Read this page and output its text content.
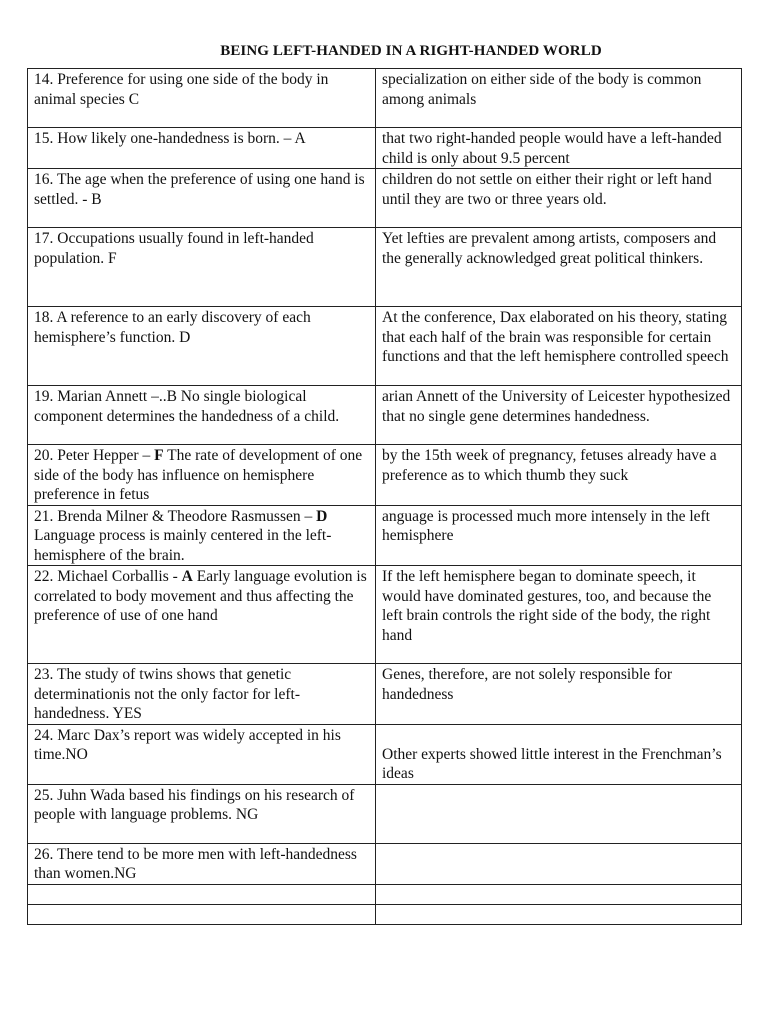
BEING LEFT-HANDED IN A RIGHT-HANDED WORLD
14. Preference for using one side of the body in animal species C	specialization on either side of the body is common among animals
15. How likely one-handedness is born. – A	that two right-handed people would have a left-handed child is only about 9.5 percent
16. The age when the preference of using one hand is settled. - B	children do not settle on either their right or left hand until they are two or three years old.
17. Occupations usually found in left-handed population. F	Yet lefties are prevalent among artists, composers and the generally acknowledged great political thinkers.
18. A reference to an early discovery of each hemisphere’s function. D	At the conference, Dax elaborated on his theory, stating that each half of the brain was responsible for certain functions and that the left hemisphere controlled speech
19. Marian Annett –..B No single biological component determines the handedness of a child.	arian Annett of the University of Leicester hypothesized that no single gene determines handedness.
20. Peter Hepper – F The rate of development of one side of the body has influence on hemisphere preference in fetus	by the 15th week of pregnancy, fetuses already have a preference as to which thumb they suck
21. Brenda Milner & Theodore Rasmussen – D Language process is mainly centered in the left-hemisphere of the brain.	anguage is processed much more intensely in the left hemisphere
22. Michael Corballis - A Early language evolution is correlated to body movement and thus affecting the preference of use of one hand	If the left hemisphere began to dominate speech, it would have dominated gestures, too, and because the left brain controls the right side of the body, the right hand
23. The study of twins shows that genetic determinationis not the only factor for left-handedness. YES	Genes, therefore, are not solely responsible for handedness
24. Marc Dax’s report was widely accepted in his time.NO	Other experts showed little interest in the Frenchman’s ideas
25. Juhn Wada based his findings on his research of people with language problems. NG	
26. There tend to be more men with left-handedness than women.NG	
